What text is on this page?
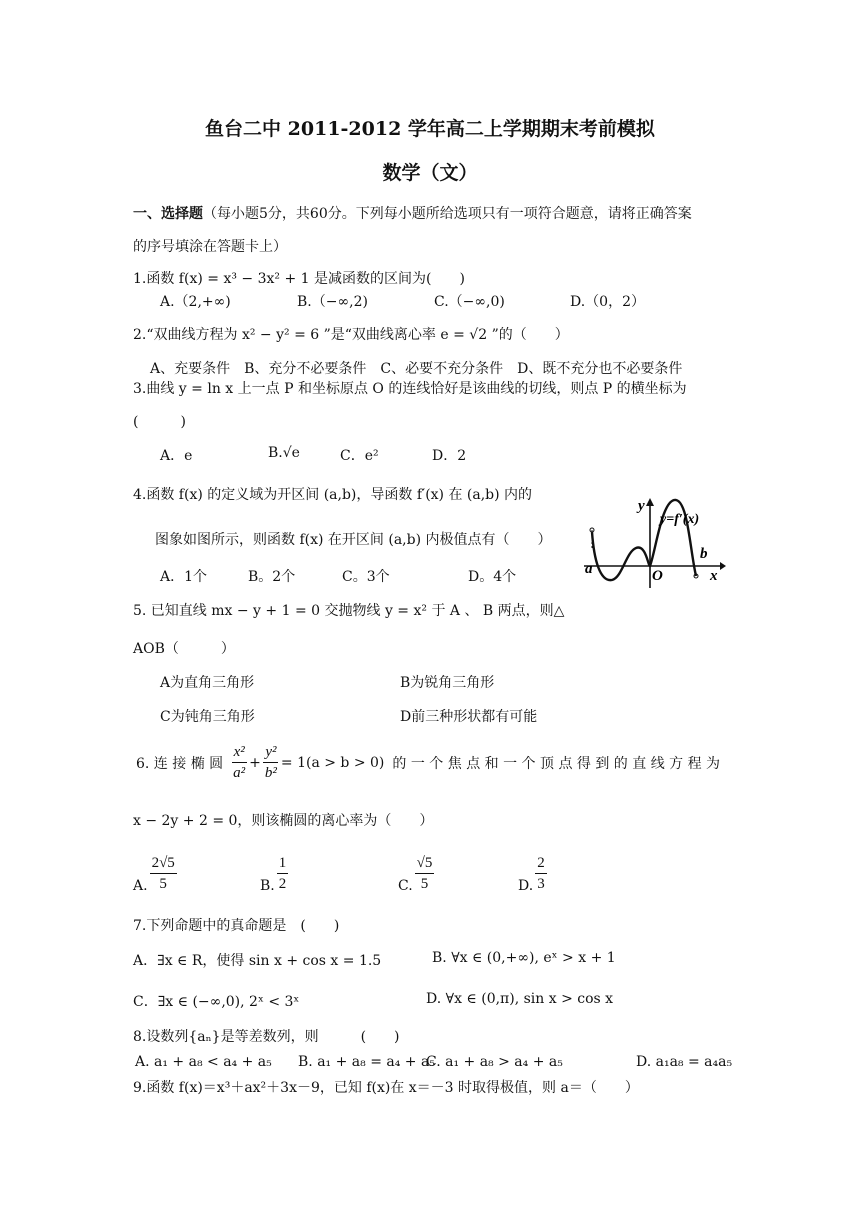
鱼台二中 2011-2012 学年高二上学期期末考前模拟
数学（文）
一、选择题（每小题5分，共60分。下列每小题所给选项只有一项符合题意，请将正确答案
的序号填涂在答题卡上）
1.函数 f(x) = x³ − 3x² + 1 是减函数的区间为(　　)
A.（2,+∞)	B.（−∞,2)	C.（−∞,0)	D.（0，2）
2.“双曲线方程为 x² − y² = 6 ”是“双曲线离心率 e = √2 ”的（　　）
A、充要条件　B、充分不必要条件　C、必要不充分条件　D、既不充分也不必要条件
3.曲线 y = ln x 上一点 P 和坐标原点 O 的连线恰好是该曲线的切线，则点 P 的横坐标为
(　　　)
A．e	B.√e	C．e²	D．2
4.函数 f(x) 的定义域为开区间 (a,b)，导函数 f′(x) 在 (a,b) 内的
图象如图所示，则函数 f(x) 在开区间 (a,b) 内极值点有（　　）
A．1个	B。2个	C。3个	D。4个
y
y=f′(x)
a	O
b
x
5. 已知直线 mx − y + 1 = 0 交抛物线 y = x² 于 A 、 B 两点，则△
AOB（　　　）
A为直角三角形	B为锐角三角形
C为钝角三角形	D前三种形状都有可能
6. 连 接 椭 圆 $\frac{\text{x²}}{\text{a²}} + \frac{\text{y²}}{\text{b²}} = 1(a > b > 0)$ 的 一 个 焦 点 和 一 个 顶 点 得 到 的 直 线 方 程 为
x − 2y + 2 = 0，则该椭圆的离心率为（　　）
A. $\frac{2√5}{5}$	B. $\frac{1}{2}$	C. $\frac{√5}{5}$	D. $\frac{2}{3}$
7.下列命题中的真命题是　(　　)
A．∃x ∈ R，使得 sin x + cos x = 1.5	B. ∀x ∈ (0,+∞), eˣ > x + 1
C．∃x ∈ (−∞,0), 2ˣ < 3ˣ	D. ∀x ∈ (0,π), sin x > cos x
8.设数列{aₙ}是等差数列，则　　　(　　)
A. a₁ + a₈ < a₄ + a₅ B. a₁ + a₈ = a₄ + a₅
C. a₁ + a₈ > a₄ + a₅	D. a₁a₈ = a₄a₅
9.函数 f(x)＝x³＋ax²＋3x－9，已知 f(x)在 x＝－3 时取得极值，则 a＝（　　）
